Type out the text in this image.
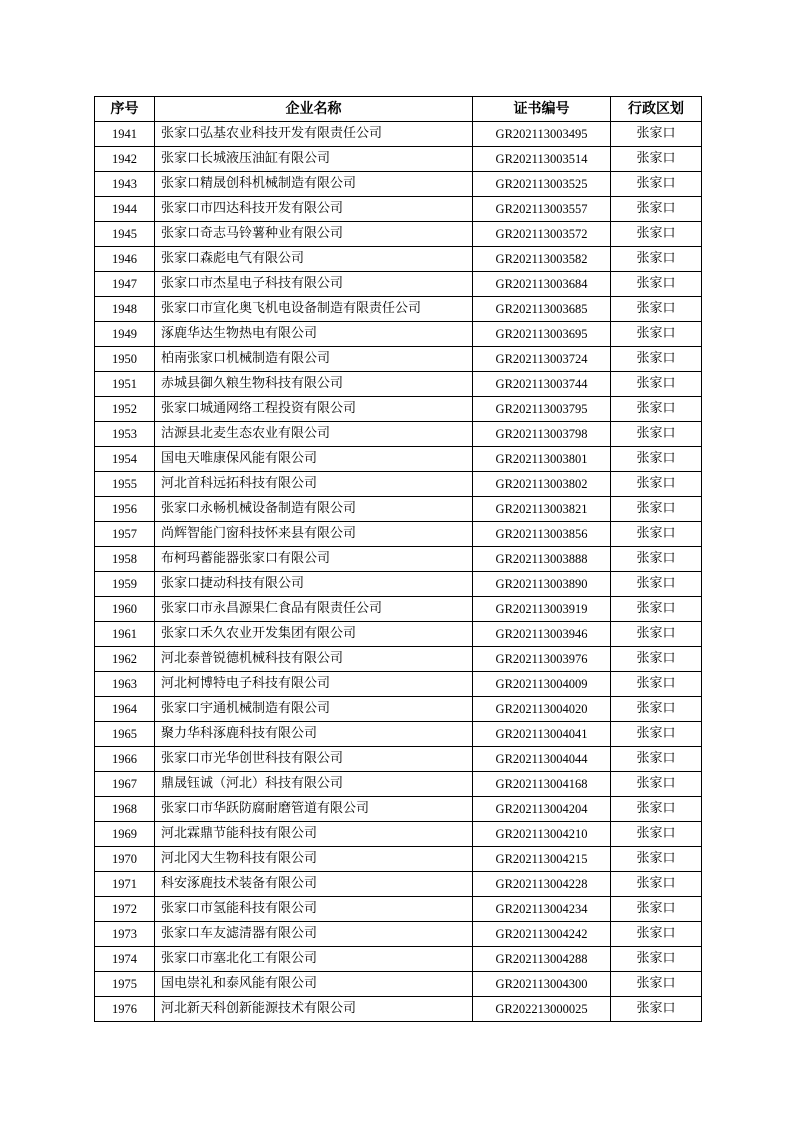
序号	企业名称	证书编号	行政区划
1941	张家口弘基农业科技开发有限责任公司	GR202113003495	张家口
1942	张家口长城液压油缸有限公司	GR202113003514	张家口
1943	张家口精晟创科机械制造有限公司	GR202113003525	张家口
1944	张家口市四达科技开发有限公司	GR202113003557	张家口
1945	张家口奇志马铃薯种业有限公司	GR202113003572	张家口
1946	张家口森彪电气有限公司	GR202113003582	张家口
1947	张家口市杰星电子科技有限公司	GR202113003684	张家口
1948	张家口市宣化奥飞机电设备制造有限责任公司	GR202113003685	张家口
1949	涿鹿华达生物热电有限公司	GR202113003695	张家口
1950	柏南张家口机械制造有限公司	GR202113003724	张家口
1951	赤城县御久粮生物科技有限公司	GR202113003744	张家口
1952	张家口城通网络工程投资有限公司	GR202113003795	张家口
1953	沽源县北麦生态农业有限公司	GR202113003798	张家口
1954	国电天唯康保风能有限公司	GR202113003801	张家口
1955	河北首科远拓科技有限公司	GR202113003802	张家口
1956	张家口永畅机械设备制造有限公司	GR202113003821	张家口
1957	尚辉智能门窗科技怀来县有限公司	GR202113003856	张家口
1958	布柯玛蓄能器张家口有限公司	GR202113003888	张家口
1959	张家口捷动科技有限公司	GR202113003890	张家口
1960	张家口市永昌源果仁食品有限责任公司	GR202113003919	张家口
1961	张家口禾久农业开发集团有限公司	GR202113003946	张家口
1962	河北泰普锐德机械科技有限公司	GR202113003976	张家口
1963	河北柯博特电子科技有限公司	GR202113004009	张家口
1964	张家口宇通机械制造有限公司	GR202113004020	张家口
1965	聚力华科涿鹿科技有限公司	GR202113004041	张家口
1966	张家口市光华创世科技有限公司	GR202113004044	张家口
1967	鼎晟钰诚（河北）科技有限公司	GR202113004168	张家口
1968	张家口市华跃防腐耐磨管道有限公司	GR202113004204	张家口
1969	河北霖鼎节能科技有限公司	GR202113004210	张家口
1970	河北冈大生物科技有限公司	GR202113004215	张家口
1971	科安涿鹿技术装备有限公司	GR202113004228	张家口
1972	张家口市氢能科技有限公司	GR202113004234	张家口
1973	张家口车友滤清器有限公司	GR202113004242	张家口
1974	张家口市塞北化工有限公司	GR202113004288	张家口
1975	国电崇礼和泰风能有限公司	GR202113004300	张家口
1976	河北新天科创新能源技术有限公司	GR202213000025	张家口
